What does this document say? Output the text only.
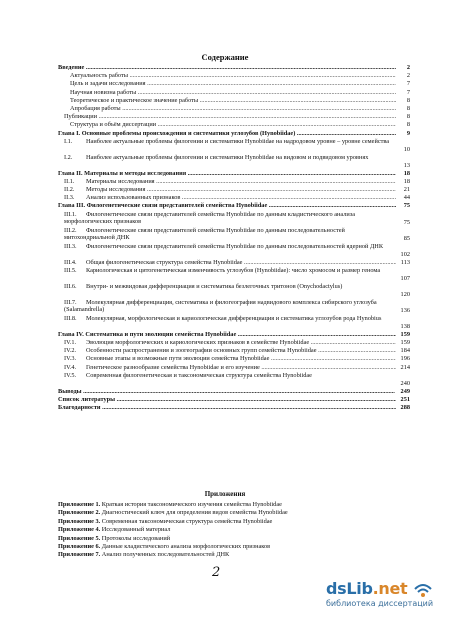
Содержание
Введение .....	2
Актуальность работы .....	2
Цель и задачи исследования .....	7
Научная новизна работы .....	7
Теоретическое и практическое значение работы .....	8
Апробация работы .....	8
Публикации .....	8
Структура и объём диссертации .....	8
Глава I. Основные проблемы происхождения и систематики углозубов (Hynobiidae) .....	9
I.1. Наиболее актуальные проблемы филогении и систематики Hynobiidae на надродовом уровне – уровне семейства
10
I.2. Наиболее актуальные проблемы филогении и систематики Hynobiidae на видовом и подвидовом уровнях
13
Глава II. Материалы и методы исследования .....	18
II.1. Материалы исследования .....	18
II.2. Методы исследования .....	21
II.3. Анализ использованных признаков .....	44
Глава III. Филогенетические связи представителей семейства Hynobiidae .....	75
III.1. Филогенетические связи представителей семейства Hynobiidae по данным кладистического анализа морфологических признаков	75
III.2. Филогенетические связи представителей семейства Hynobiidae по данным последовательностей митохондриальной ДНК	85
III.3. Филогенетические связи представителей семейства Hynobiidae по данным последовательностей ядерной ДНК
102
III.4. Общая филогенетическая структура семейства Hynobiidae .....	113
III.5. Кариологическая и цитогенетическая изменчивость углозубов (Hynobiidae): число хромосом и размер генома
107
III.6. Внутри- и межвидовая дифференциация и систематика безлегочных тритонов (Onychodactylus)
120
III.7. Молекулярная дифференциация, систематика и филогеография надвидового комплекса сибирского углозуба (Salamandrella)	136
III.8. Молекулярная, морфологическая и кариологическая дифференциация и систематика углозубов рода Hynobius
138
Глава IV. Систематика и пути эволюции семейства Hynobiidae .....	159
IV.1. Эволюция морфологических и кариологических признаков в семействе Hynobiidae .....	159
IV.2. Особенности распространения и зоогеографии основных групп семейства Hynobiidae .....	184
IV.3. Основные этапы и возможные пути эволюции семейства Hynobiidae .....	196
IV.4. Генетическое разнообразие семейства Hynobiidae и его изучение .....	214
IV.5. Современная филогенетическая и таксономическая структура семейства Hynobiidae
240
Выводы .....	249
Список литературы .....	251
Благодарности .....	288
Приложения
Приложение 1. Краткая история таксономического изучения семейства Hynobiidae
Приложение 2. Диагностический ключ для определения видов семейства Hynobiidae
Приложение 3. Современная таксономическая структура семейства Hynobiidae
Приложение 4. Исследованный материал
Приложение 5. Протоколы исследований
Приложение 6. Данные кладистического анализа морфологических признаков
Приложение 7. Анализ полученных последовательностей ДНК
2
dsLib.net
библиотека диссертаций
